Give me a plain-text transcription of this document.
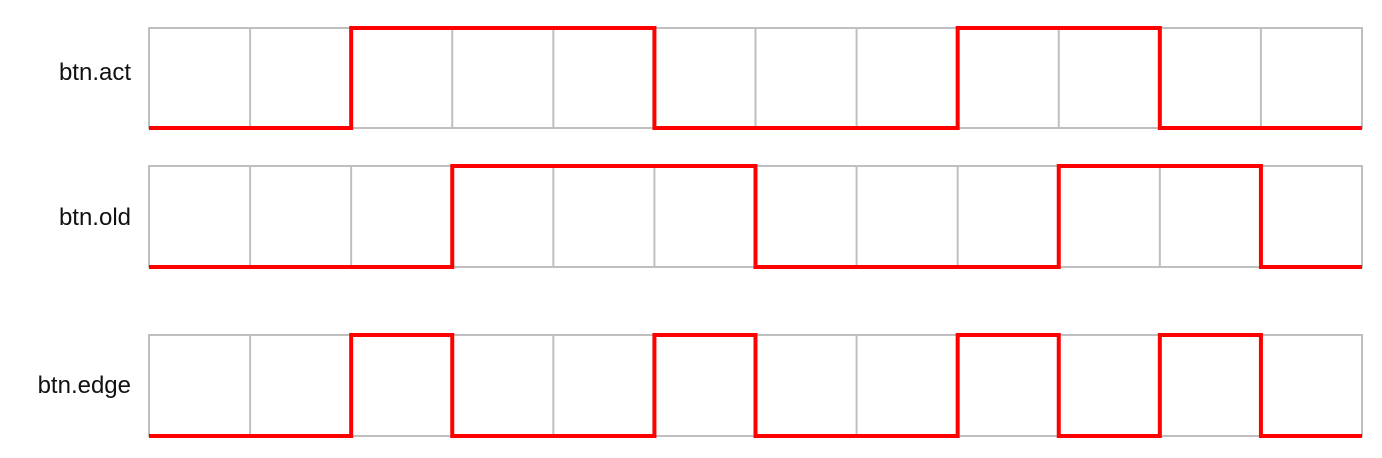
btn.act
btn.old
btn.edge
